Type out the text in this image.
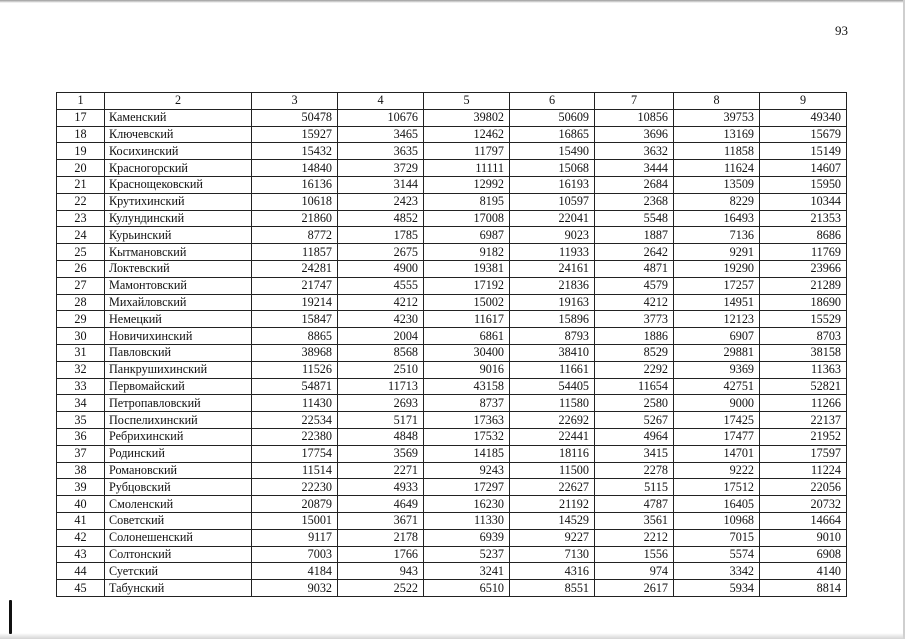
93
1	2	3	4	5	6	7	8	9
17	Каменский	50478	10676	39802	50609	10856	39753	49340
18	Ключевский	15927	3465	12462	16865	3696	13169	15679
19	Косихинский	15432	3635	11797	15490	3632	11858	15149
20	Красногорский	14840	3729	11111	15068	3444	11624	14607
21	Краснощековский	16136	3144	12992	16193	2684	13509	15950
22	Крутихинский	10618	2423	8195	10597	2368	8229	10344
23	Кулундинский	21860	4852	17008	22041	5548	16493	21353
24	Курьинский	8772	1785	6987	9023	1887	7136	8686
25	Кытмановский	11857	2675	9182	11933	2642	9291	11769
26	Локтевский	24281	4900	19381	24161	4871	19290	23966
27	Мамонтовский	21747	4555	17192	21836	4579	17257	21289
28	Михайловский	19214	4212	15002	19163	4212	14951	18690
29	Немецкий	15847	4230	11617	15896	3773	12123	15529
30	Новичихинский	8865	2004	6861	8793	1886	6907	8703
31	Павловский	38968	8568	30400	38410	8529	29881	38158
32	Панкрушихинский	11526	2510	9016	11661	2292	9369	11363
33	Первомайский	54871	11713	43158	54405	11654	42751	52821
34	Петропавловский	11430	2693	8737	11580	2580	9000	11266
35	Поспелихинский	22534	5171	17363	22692	5267	17425	22137
36	Ребрихинский	22380	4848	17532	22441	4964	17477	21952
37	Родинский	17754	3569	14185	18116	3415	14701	17597
38	Романовский	11514	2271	9243	11500	2278	9222	11224
39	Рубцовский	22230	4933	17297	22627	5115	17512	22056
40	Смоленский	20879	4649	16230	21192	4787	16405	20732
41	Советский	15001	3671	11330	14529	3561	10968	14664
42	Солонешенский	9117	2178	6939	9227	2212	7015	9010
43	Солтонский	7003	1766	5237	7130	1556	5574	6908
44	Суетский	4184	943	3241	4316	974	3342	4140
45	Табунский	9032	2522	6510	8551	2617	5934	8814
